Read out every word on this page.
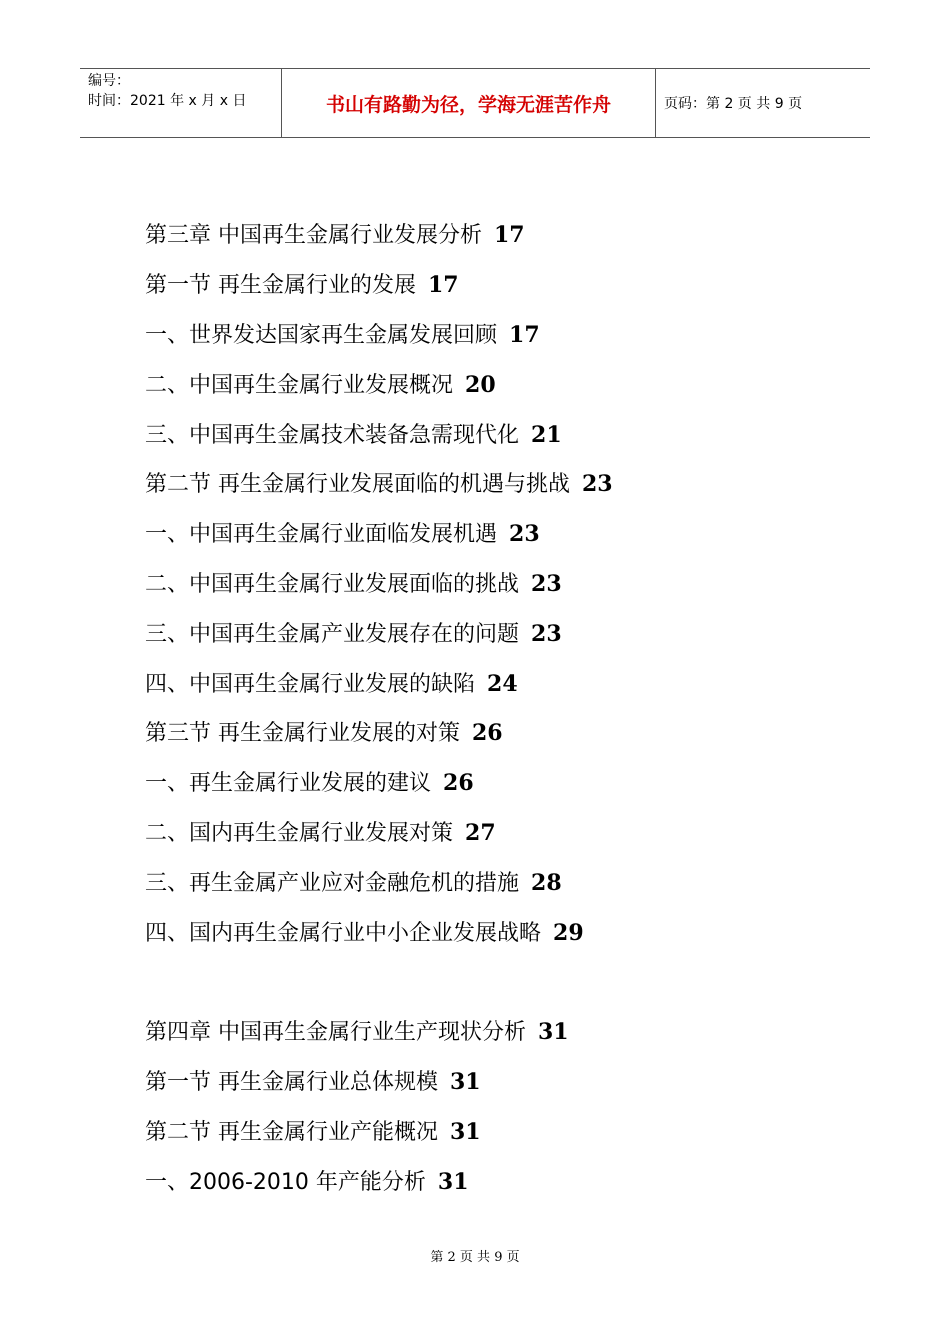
编号：
时间：2021 年 x 月 x 日	书山有路勤为径，学海无涯苦作舟	页码：第 2 页 共 9 页
第三章 中国再生金属行业发展分析 17
第一节 再生金属行业的发展 17
一、世界发达国家再生金属发展回顾 17
二、中国再生金属行业发展概况 20
三、中国再生金属技术装备急需现代化 21
第二节 再生金属行业发展面临的机遇与挑战 23
一、中国再生金属行业面临发展机遇 23
二、中国再生金属行业发展面临的挑战 23
三、中国再生金属产业发展存在的问题 23
四、中国再生金属行业发展的缺陷 24
第三节 再生金属行业发展的对策 26
一、再生金属行业发展的建议 26
二、国内再生金属行业发展对策 27
三、再生金属产业应对金融危机的措施 28
四、国内再生金属行业中小企业发展战略 29
第四章 中国再生金属行业生产现状分析 31
第一节 再生金属行业总体规模 31
第二节 再生金属行业产能概况 31
一、2006-2010 年产能分析 31
第 2 页 共 9 页
